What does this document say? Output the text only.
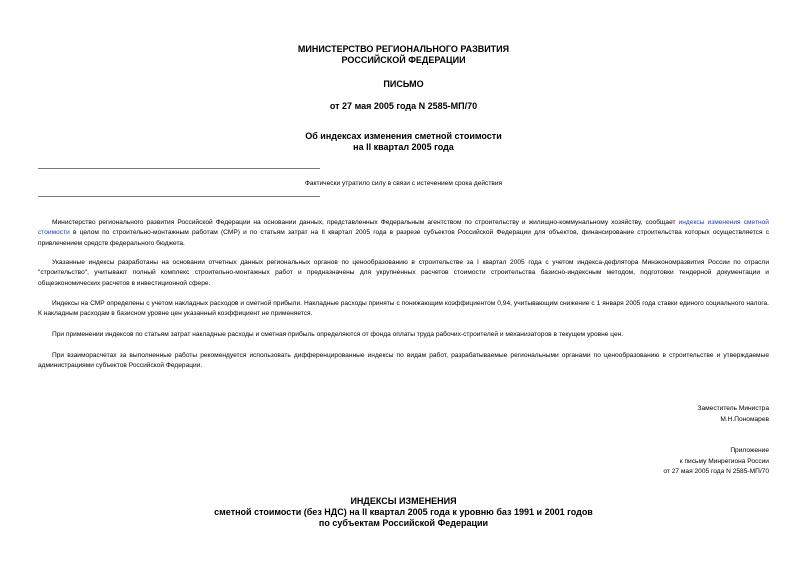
МИНИСТЕРСТВО РЕГИОНАЛЬНОГО РАЗВИТИЯ
РОССИЙСКОЙ ФЕДЕРАЦИИ
ПИСЬМО
от 27 мая 2005 года N 2585-МП/70
Об индексах изменения сметной стоимости
на II квартал 2005 года
Фактически утратило силу в связи с истечением срока действия
Министерство регионального развития Российской Федерации на основании данных, представленных Федеральным агентством по строительству и жилищно-коммунальному хозяйству, сообщает индексы изменения сметной стоимости в целом по строительно-монтажным работам (СМР) и по статьям затрат на II квартал 2005 года в разрезе субъектов Российской Федерации для объектов, финансирование строительства которых осуществляется с привлечением средств федерального бюджета.
Указанные индексы разработаны на основании отчетных данных региональных органов по ценообразованию в строительстве за I квартал 2005 года с учетом индекса-дефлятора Минэкономразвития России по отрасли "строительство", учитывают полный комплекс строительно-монтажных работ и предназначены для укрупненных расчетов стоимости строительства базисно-индексным методом, подготовки тендерной документации и общеэкономических расчетов в инвестиционной сфере.
Индексы на СМР определены с учетом накладных расходов и сметной прибыли. Накладные расходы приняты с понижающим коэффициентом 0,94, учитывающим снижение с 1 января 2005 года ставки единого социального налога. К накладным расходам в базисном уровне цен указанный коэффициент не применяется.
При применении индексов по статьям затрат накладные расходы и сметная прибыль определяются от фонда оплаты труда рабочих-строителей и механизаторов в текущем уровне цен.
При взаиморасчетах за выполненные работы рекомендуется использовать дифференцированные индексы по видам работ, разрабатываемые региональными органами по ценообразованию в строительстве и утверждаемые администрациями субъектов Российской Федерации.
Заместитель Министра
М.Н.Пономарев
Приложение
к письму Минрегиона России
от 27 мая 2005 года N 2585-МП/70
ИНДЕКСЫ ИЗМЕНЕНИЯ
сметной стоимости (без НДС) на II квартал 2005 года к уровню баз 1991 и 2001 годов
по субъектам Российской Федерации
